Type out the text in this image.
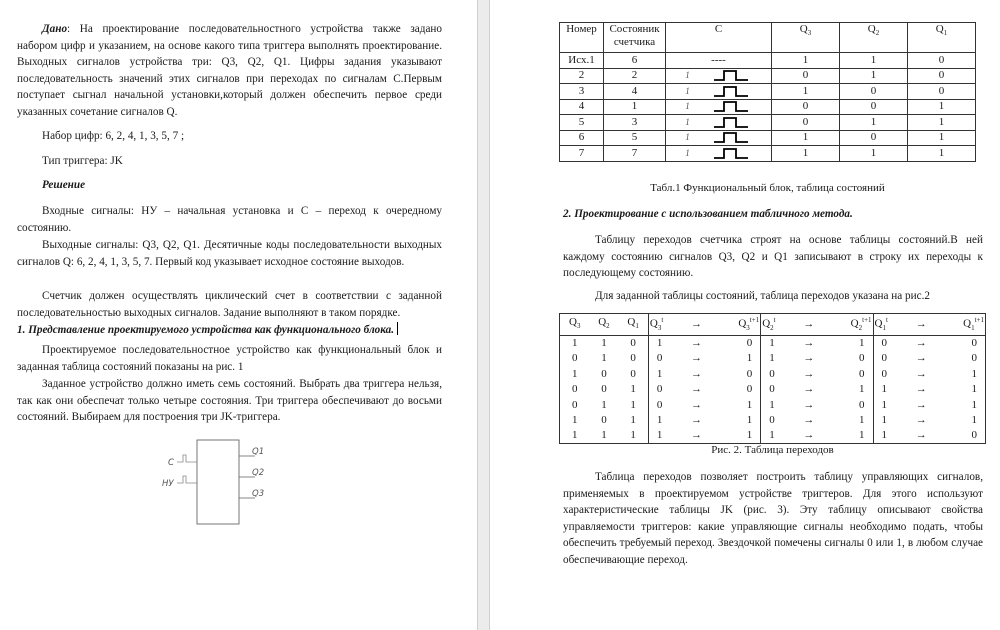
Дано: На проектирование последовательностного устройства также задано набором цифр и указанием, на основе какого типа триггера выполнять проектирование. Выходных сигналов устройства три: Q3, Q2, Q1. Цифры задания указывают последовательность значений этих сигналов при переходах по сигналам С.Первым поступает сыгнал начальной установки,который должен обеспечить первое среди указанных сочетание сигналов Q.
Набор цифр: 6, 2, 4, 1, 3, 5, 7 ;
Тип триггера: JK
Решение
Входные сигналы: НУ – начальная установка и С – переход к очередному состоянию.
Выходные сигналы: Q3, Q2, Q1. Десятичные коды последовательности выходных сигналов Q: 6, 2, 4, 1, 3, 5, 7. Первый код указывает исходное состояние выходов.
Счетчик должен осуществлять циклический счет в соответствии с заданной последовательностью выходных сигналов. Задание выполняют в таком порядке.
1. Представление проектируемого устройства как функционального блока.
Проектируемое последовательностное устройство как функциональный блок и заданная таблица состояний показаны на рис. 1
Заданное устройство должно иметь семь состояний. Выбрать два триггера нельзя, так как они обеспечат только четыре состояния. Три триггера обеспечивают до восьми состояний. Выбираем для построения три JK-триггера.
С
НУ
Q1
Q2
Q3
Номер	Состояник счетчика	С	$Q_3$	$Q_2$	$Q_1$
Исх.1	6	----	1	1	0
2	2	1	0	1	0
3	4	1	1	0	0
4	1	1	0	0	1
5	3	1	0	1	1
6	5	1	1	0	1
7	7	1	1	1	1
Табл.1 Функциональный блок, таблица состояний
2. Проектирование с использованием табличного метода.
Таблицу переходов счетчика строят на основе таблицы состояний.В ней каждому состоянию сигналов Q3, Q2 и Q1 записывают в строку их переходы к последующему состоянию.
Для заданной таблицы состояний, таблица переходов указана на рис.2
$Q_3$	$Q_2$	$Q_1$	$Q_3^t$	→	$Q_3^{t+1}$	$Q_2^t$	→	$Q_2^{t+1}$	$Q_1^t$	→	$Q_1^{t+1}$
1	1	0	1	→	0	1	→	1	0	→	0
0	1	0	0	→	1	1	→	0	0	→	0
1	0	0	1	→	0	0	→	0	0	→	1
0	0	1	0	→	0	0	→	1	1	→	1
0	1	1	0	→	1	1	→	0	1	→	1
1	0	1	1	→	1	0	→	1	1	→	1
1	1	1	1	→	1	1	→	1	1	→	0
Рис. 2. Таблица переходов
Таблица переходов позволяет построить таблицу управляющих сигналов, применяемых в проектируемом устройстве тригтеров. Для этого используют характеристические таблицы JK (рис. 3). Эту таблицу описывают свойства управляемости триггеров: какие управляющие сигналы необходимо подать, чтобы обеспечить требуемый переход. Звездочкой помечены сигналы 0 или 1, в любом случае обеспечивающие переход.
